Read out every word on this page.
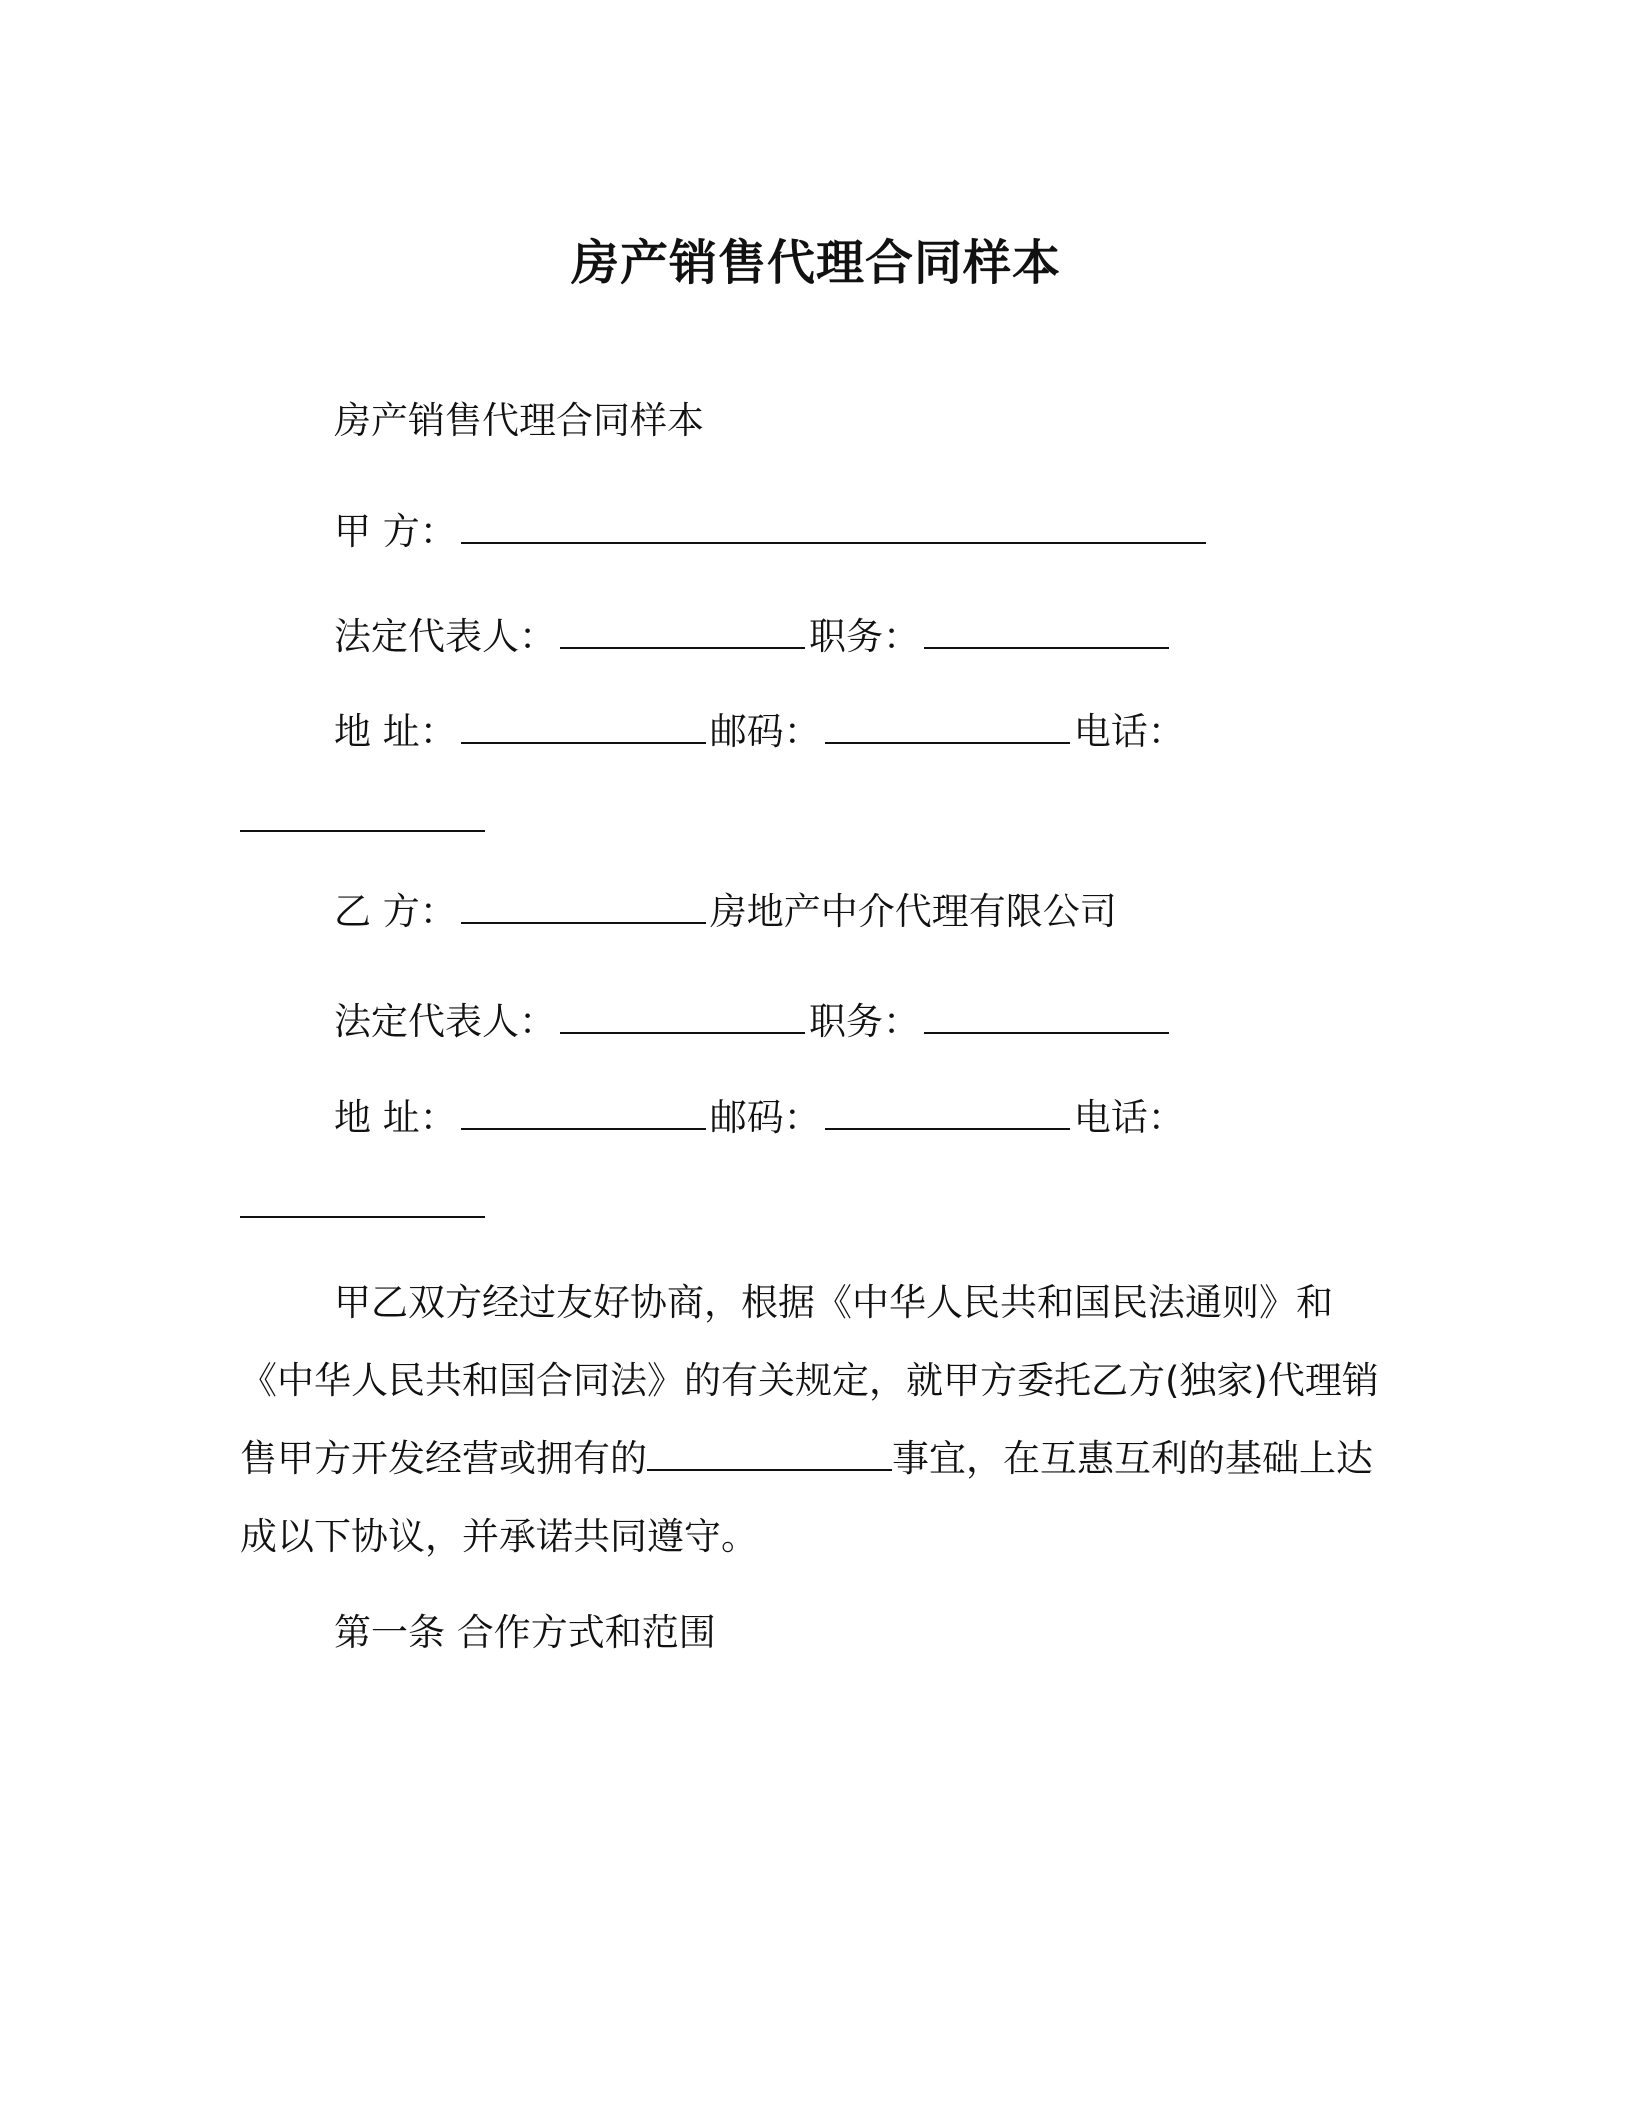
房产销售代理合同样本
房产销售代理合同样本
甲 方：
法定代表人：	职务：
地 址：	邮码：	电话：
乙 方：	房地产中介代理有限公司
法定代表人：	职务：
地 址：	邮码：	电话：
甲乙双方经过友好协商，根据《中华人民共和国民法通则》和
《中华人民共和国合同法》的有关规定，就甲方委托乙方(独家)代理销
售甲方开发经营或拥有的	事宜，在互惠互利的基础上达
成以下协议，并承诺共同遵守。
第一条 合作方式和范围
